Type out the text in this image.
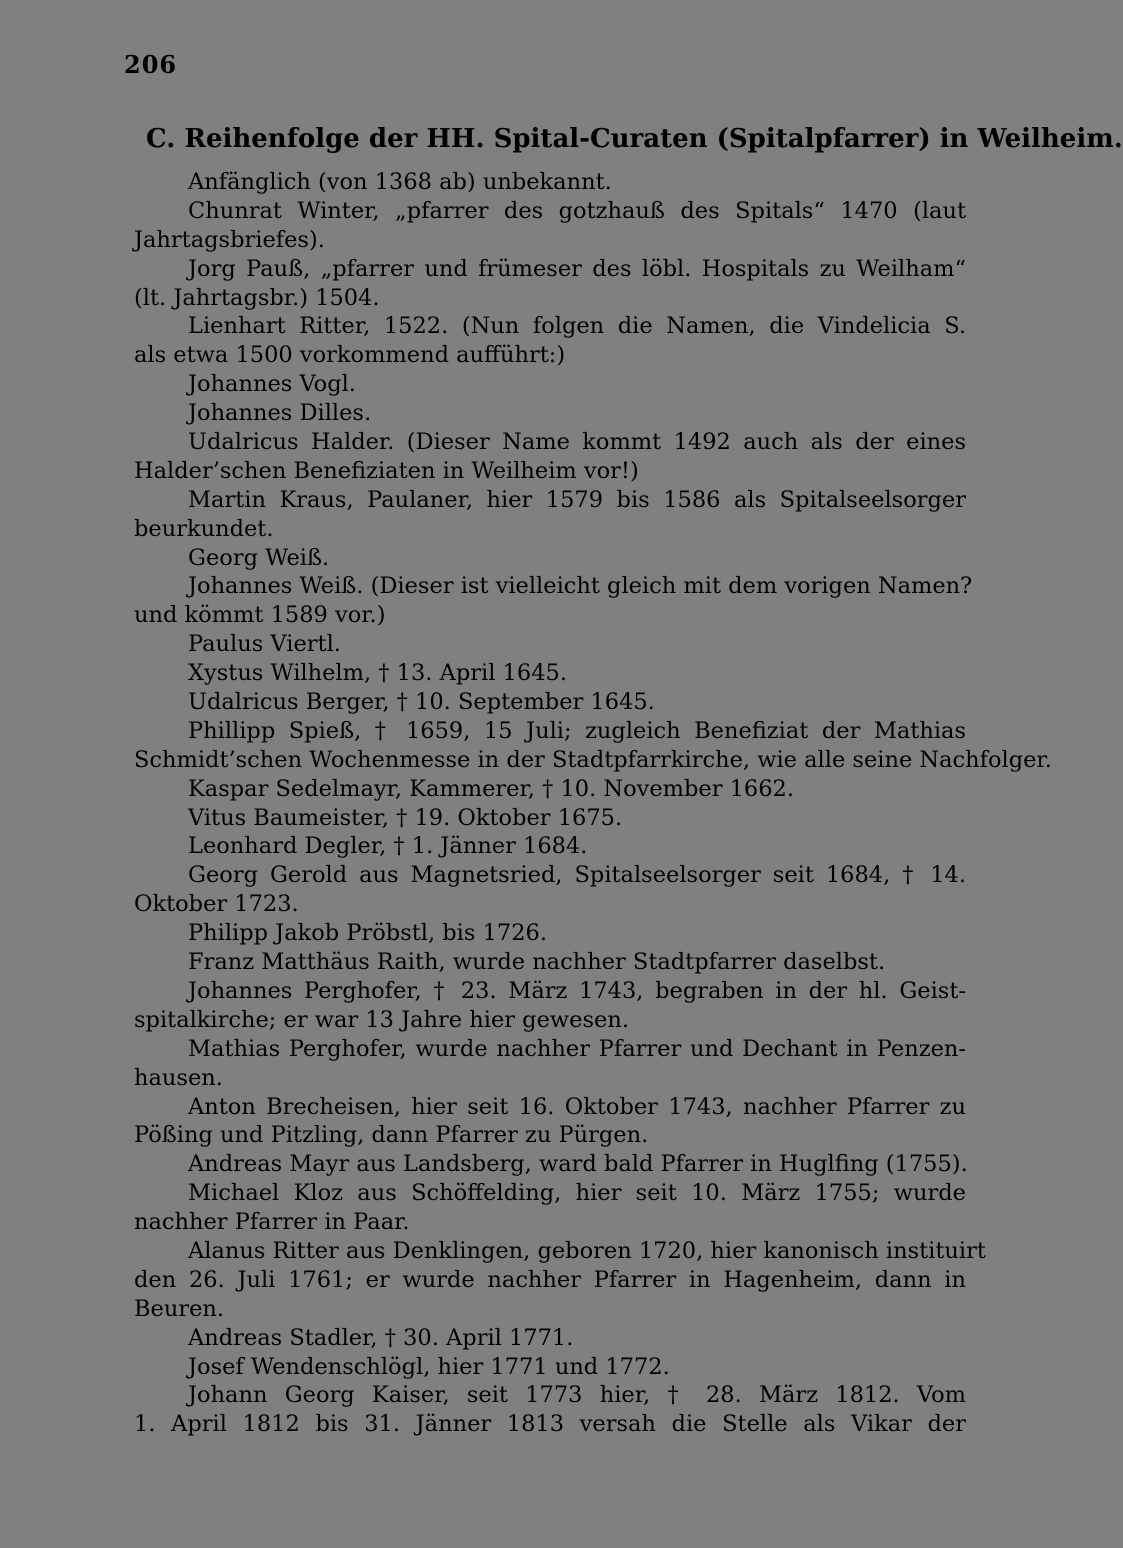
206
C. Reihenfolge der HH. Spital-Curaten (Spitalpfarrer) in Weilheim.
Anfänglich (von 1368 ab) unbekannt.
Chunrat Winter, „pfarrer des gotzhauß des Spitals“ 1470 (laut
Jahrtagsbriefes).
Jorg Pauß, „pfarrer und frümeser des löbl. Hospitals zu Weilham“
(lt. Jahrtagsbr.) 1504.
Lienhart Ritter, 1522. (Nun folgen die Namen, die Vindelicia S.
als etwa 1500 vorkommend aufführt:)
Johannes Vogl.
Johannes Dilles.
Udalricus Halder. (Dieser Name kommt 1492 auch als der eines
Halder’schen Benefiziaten in Weilheim vor!)
Martin Kraus, Paulaner, hier 1579 bis 1586 als Spitalseelsorger
beurkundet.
Georg Weiß.
Johannes Weiß. (Dieser ist vielleicht gleich mit dem vorigen Namen?
und kömmt 1589 vor.)
Paulus Viertl.
Xystus Wilhelm, † 13. April 1645.
Udalricus Berger, † 10. September 1645.
Phillipp Spieß, † 1659, 15 Juli; zugleich Benefiziat der Mathias
Schmidt’schen Wochenmesse in der Stadtpfarrkirche, wie alle seine Nachfolger.
Kaspar Sedelmayr, Kammerer, † 10. November 1662.
Vitus Baumeister, † 19. Oktober 1675.
Leonhard Degler, † 1. Jänner 1684.
Georg Gerold aus Magnetsried, Spitalseelsorger seit 1684, † 14.
Oktober 1723.
Philipp Jakob Pröbstl, bis 1726.
Franz Matthäus Raith, wurde nachher Stadtpfarrer daselbst.
Johannes Perghofer, † 23. März 1743, begraben in der hl. Geist-
spitalkirche; er war 13 Jahre hier gewesen.
Mathias Perghofer, wurde nachher Pfarrer und Dechant in Penzen-
hausen.
Anton Brecheisen, hier seit 16. Oktober 1743, nachher Pfarrer zu
Pößing und Pitzling, dann Pfarrer zu Pürgen.
Andreas Mayr aus Landsberg, ward bald Pfarrer in Huglfing (1755).
Michael Kloz aus Schöffelding, hier seit 10. März 1755; wurde
nachher Pfarrer in Paar.
Alanus Ritter aus Denklingen, geboren 1720, hier kanonisch instituirt
den 26. Juli 1761; er wurde nachher Pfarrer in Hagenheim, dann in
Beuren.
Andreas Stadler, † 30. April 1771.
Josef Wendenschlögl, hier 1771 und 1772.
Johann Georg Kaiser, seit 1773 hier, † 28. März 1812. Vom
1. April 1812 bis 31. Jänner 1813 versah die Stelle als Vikar der
